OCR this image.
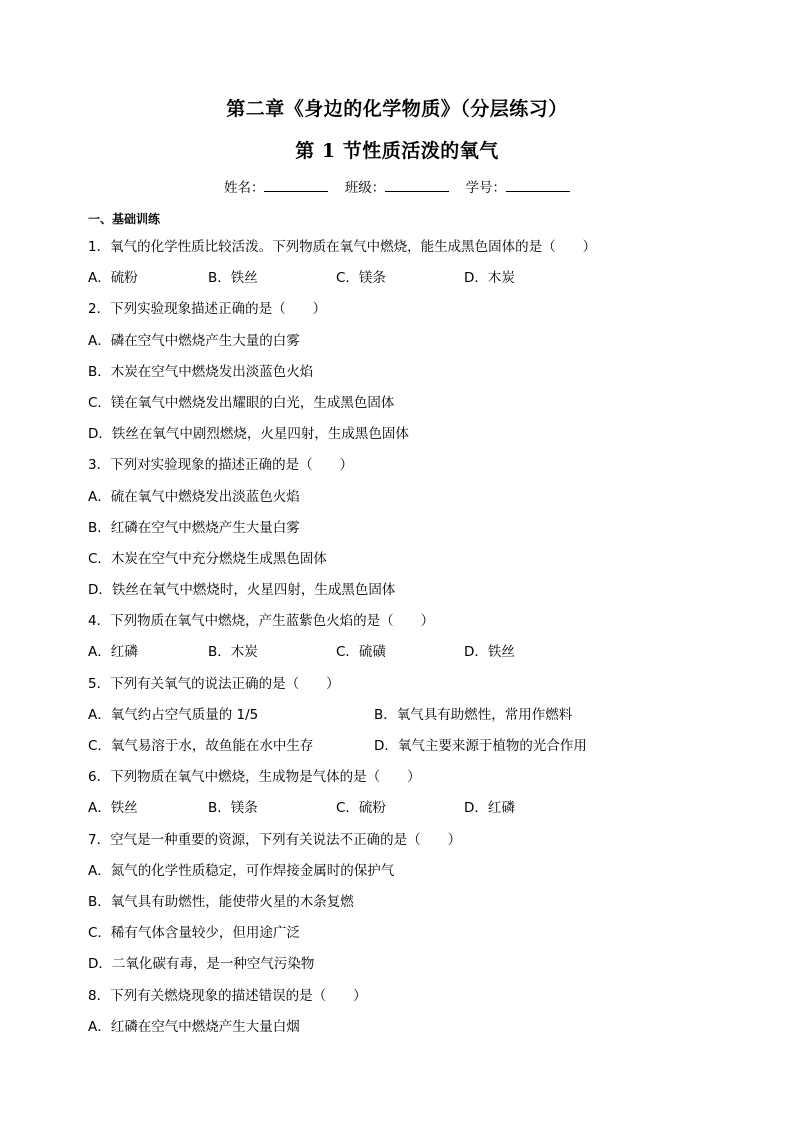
第二章《身边的化学物质》（分层练习）
第 1 节性质活泼的氧气
姓名：	班级：	学号：
一、基础训练
1．氧气的化学性质比较活泼。下列物质在氧气中燃烧，能生成黑色固体的是（　　）
A．硫粉	B．铁丝	C．镁条	D．木炭
2．下列实验现象描述正确的是（　　）
A．磷在空气中燃烧产生大量的白雾
B．木炭在空气中燃烧发出淡蓝色火焰
C．镁在氧气中燃烧发出耀眼的白光，生成黑色固体
D．铁丝在氧气中剧烈燃烧，火星四射，生成黑色固体
3．下列对实验现象的描述正确的是（　　）
A．硫在氧气中燃烧发出淡蓝色火焰
B．红磷在空气中燃烧产生大量白雾
C．木炭在空气中充分燃烧生成黑色固体
D．铁丝在氧气中燃烧时，火星四射，生成黑色固体
4．下列物质在氧气中燃烧，产生蓝紫色火焰的是（　　）
A．红磷	B．木炭	C．硫磺	D．铁丝
5．下列有关氧气的说法正确的是（　　）
A．氧气约占空气质量的 1/5	B．氧气具有助燃性，常用作燃料
C．氧气易溶于水，故鱼能在水中生存	D．氧气主要来源于植物的光合作用
6．下列物质在氧气中燃烧，生成物是气体的是（　　）
A．铁丝	B．镁条	C．硫粉	D．红磷
7．空气是一种重要的资源，下列有关说法不正确的是（　　）
A．氮气的化学性质稳定，可作焊接金属时的保护气
B．氧气具有助燃性，能使带火星的木条复燃
C．稀有气体含量较少，但用途广泛
D．二氧化碳有毒，是一种空气污染物
8．下列有关燃烧现象的描述错误的是（　　）
A．红磷在空气中燃烧产生大量白烟
